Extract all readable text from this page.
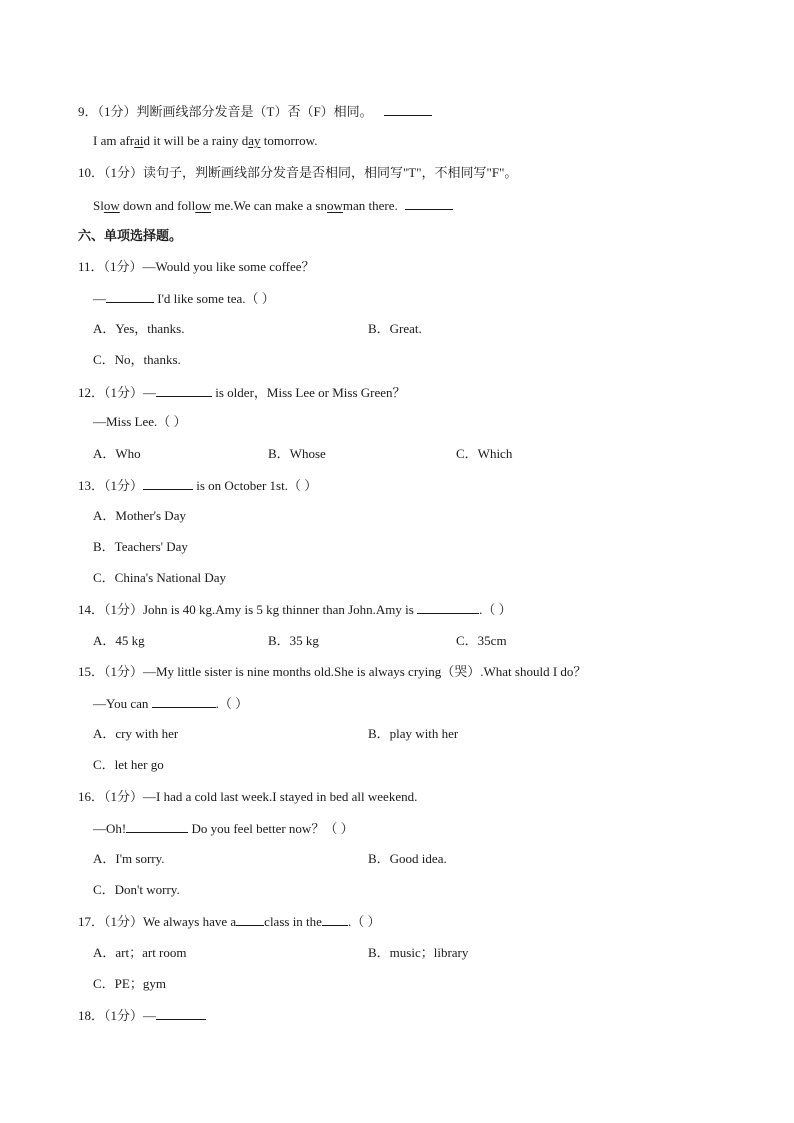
9．（1分）判断画线部分发音是（T）否（F）相同。
I am afraid it will be a rainy day tomorrow.
10．（1分）读句子，判断画线部分发音是否相同，相同写"T"，不相同写"F"。
Slow down and follow me.We can make a snowman there.
六、单项选择题。
11．（1分）—Would you like some coffee？
—	I'd like some tea.（ ）
A．Yes，thanks.	B．Great.
C．No，thanks.
12．（1分）—	is older，Miss Lee or Miss Green？
—Miss Lee.（ ）
A．Who	B．Whose	C．Which
13．（1分）	is on October 1st.（ ）
A．Mother's Day
B．Teachers' Day
C．China's National Day
14．（1分）John is 40 kg.Amy is 5 kg thinner than John.Amy is	.（ ）
A．45 kg	B．35 kg	C．35cm
15．（1分）—My little sister is nine months old.She is always crying（哭）.What should I do？
—You can	.（ ）
A．cry with her	B．play with her
C．let her go
16．（1分）—I had a cold last week.I stayed in bed all weekend.
—Oh!	Do you feel better now？（ ）
A．I'm sorry.	B．Good idea.
C．Don't worry.
17．（1分）We always have a class in the .（ ）
A．art；art room	B．music；library
C．PE；gym
18．（1分）—
